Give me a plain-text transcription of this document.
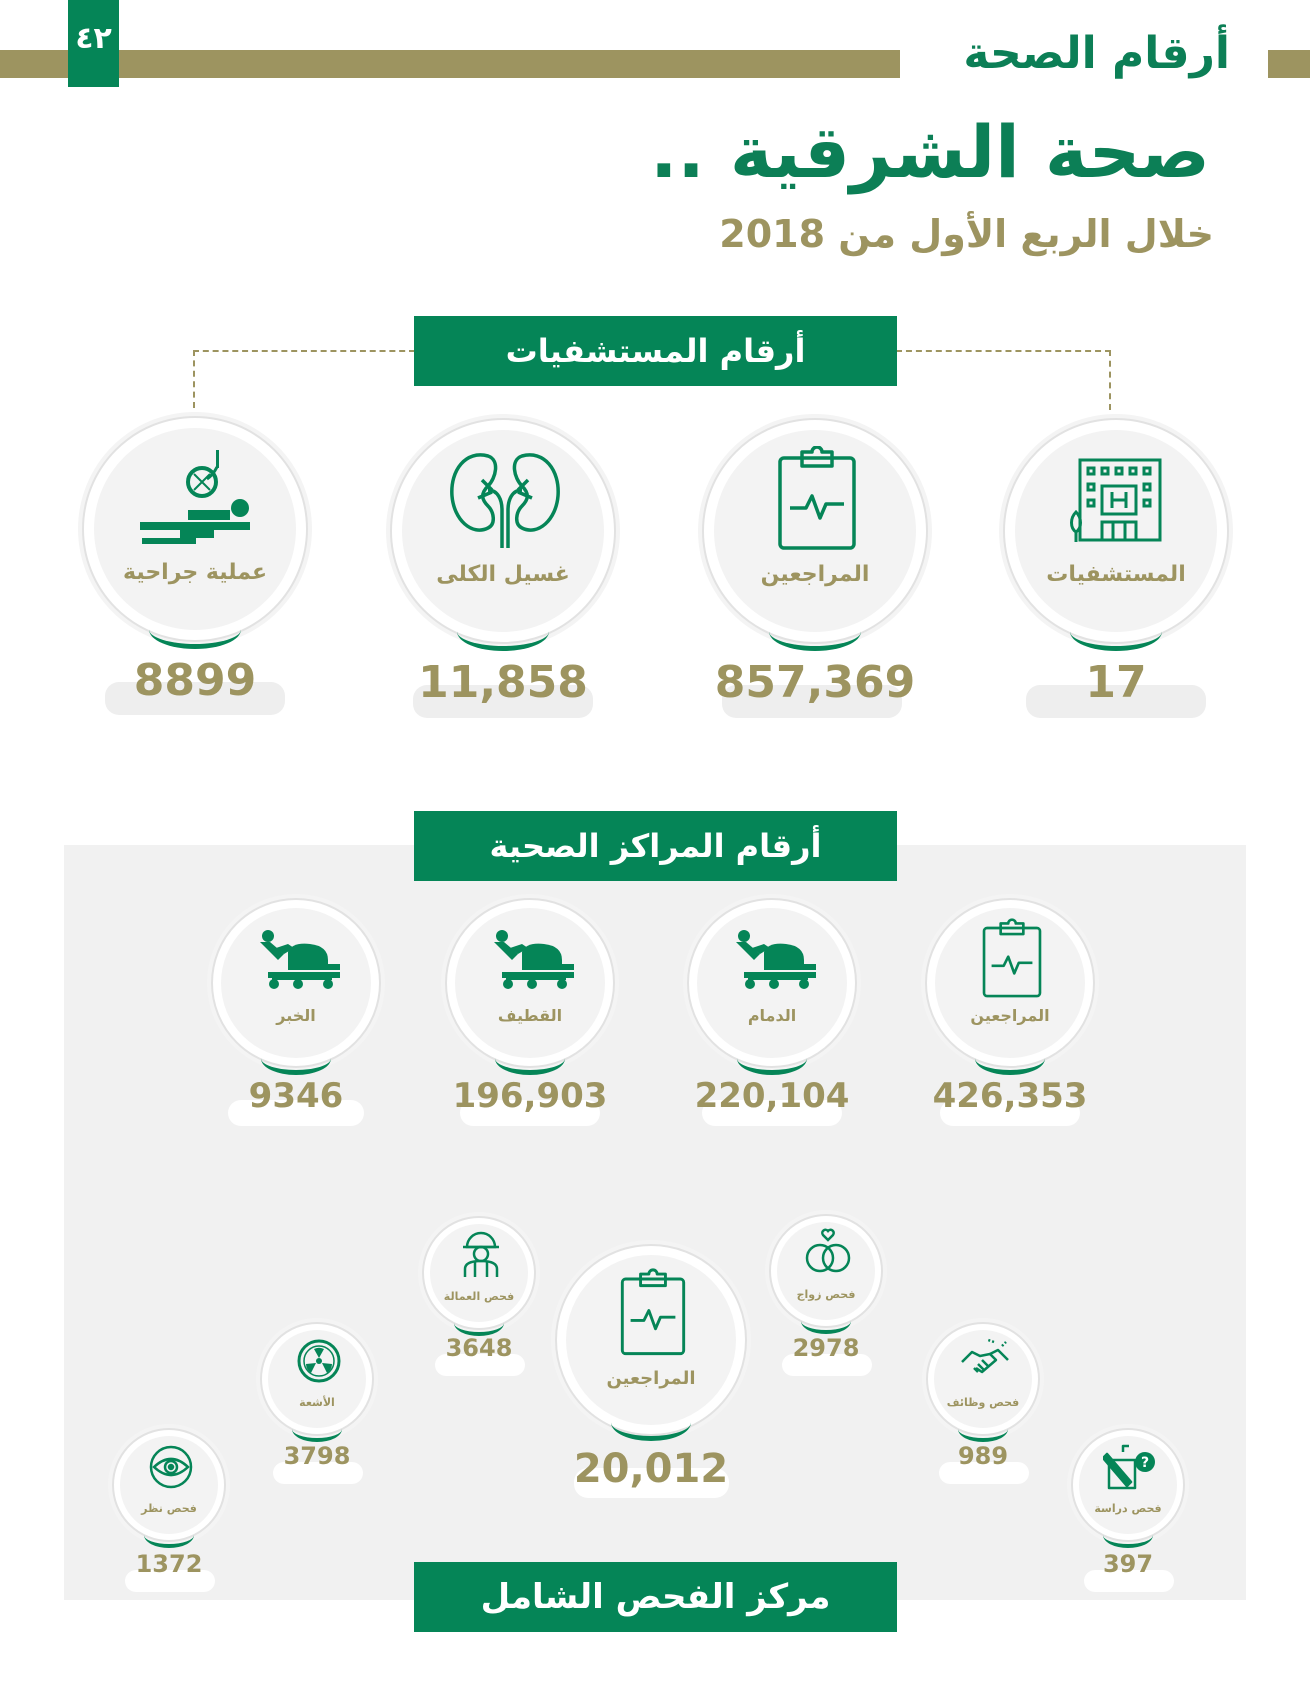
٤٢	أرقام الصحة
صحة الشرقية ..
خلال الربع الأول من 2018
أرقام المستشفيات
المستشفيات
17
المراجعين
857,369
غسيل الكلى
11,858
عملية جراحية
8899
أرقام المراكز الصحية
المراجعين
426,353
الدمام
220,104
القطيف
196,903
الخبر
9346
المراجعين
20,012
فحص العمالة
3648
فحص زواج
2978
الأشعة
3798
فحص وظائف
989
فحص نظر
1372
?
فحص دراسة
397
مركز الفحص الشامل
